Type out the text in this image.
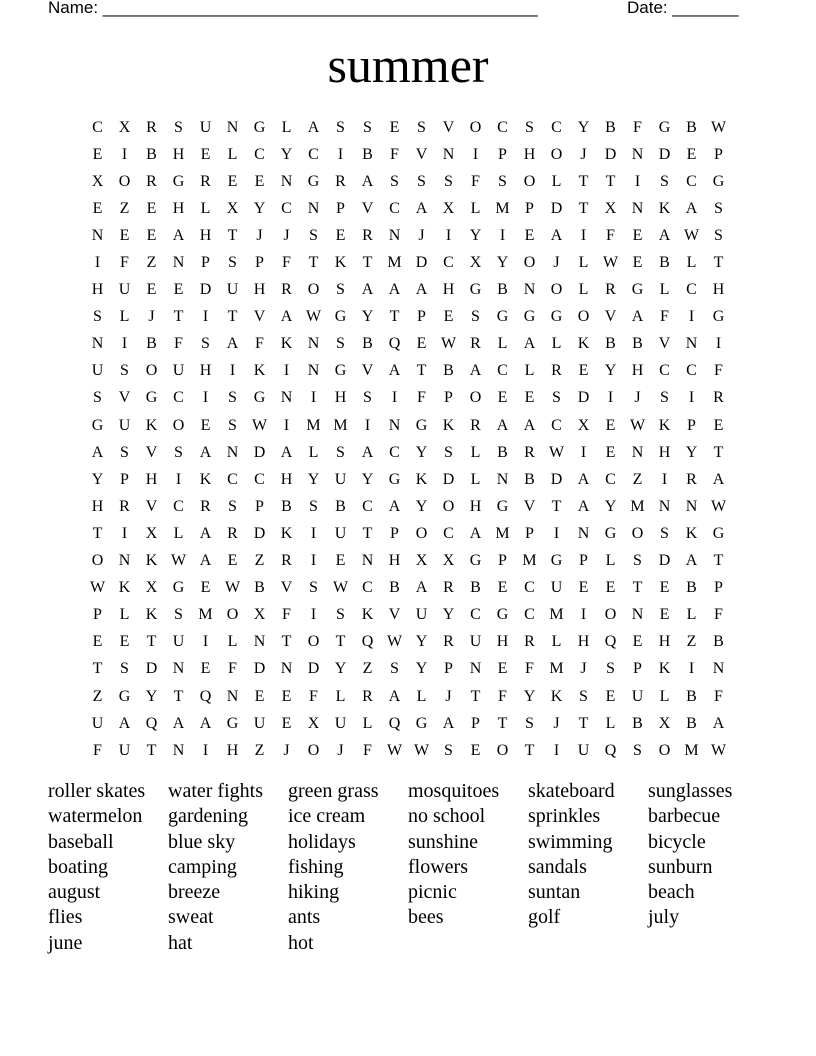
Name: ______________________________________________

	Date: _______

summer
C X R	S	U N G	L	A	S	S	E	S	V O C	S	C Y B	F	G B W
E	I	B H	E	L	C Y C	I	B	F	V N	I	P	H O	J	D N D	E	P
X O R G R	E	E	N G R A	S	S	S	F	S	O	L	T	T	I	S	C G
E	Z	E	H	L	X Y C N	P	V C A X	L M P	D	T	X N K A	S
N	E	E	A H	T	J	J	S	E	R N	J	I	Y	I	E	A	I	F	E	A W S
I	F	Z	N	P	S	P	F	T	K	T M D C X Y O	J	L W E	B	L	T
H U	E	E	D U H R O	S	A A A H G B N O	L	R G	L	C H
S	L	J	T	I	T	V A W G Y	T	P	E	S	G G G O V A	F	I	G
N	I	B	F	S	A	F	K N	S	B Q	E W R	L	A	L	K B	B V N	I
U	S	O U H	I	K	I	N G V A	T	B A C	L	R	E	Y H C	C	F
S	V G C	I	S	G N	I	H	S	I	F	P	O	E	E	S	D	I	J	S	I	R
G U K O	E	S W	I	M M	I	N G K R A A C X	E W K	P	E
A	S	V	S	A N D A	L	S	A C Y	S	L	B	R W	I	E	N H Y	T
Y	P	H	I	K C	C H Y U Y G K D	L	N B D A C	Z	I	R A
H R V C	R	S	P	B	S	B	C A Y O H G V	T	A Y M N N W
T	I	X	L	A R D K	I	U	T	P	O C A M P	I	N G O	S	K G
O N K W A	E	Z	R	I	E	N H X X G	P M G	P	L	S	D A	T
W K X G	E W B V	S W C	B A R	B	E	C U	E	E	T	E	B	P
P	L	K	S M O X	F	I	S	K V U Y C G C M	I	O N	E	L	F
E	E	T	U	I	L	N	T	O	T	Q W Y R U H R	L	H Q	E	H	Z	B
T	S	D N	E	F	D N D Y	Z	S	Y	P	N	E	F M	J	S	P	K	I	N
Z	G Y	T	Q N	E	E	F	L	R A	L	J	T	F	Y K	S	E	U	L	B	F
U A Q A A G U	E	X U	L	Q G A	P	T	S	J	T	L	B X B A
F	U	T	N	I	H	Z	J	O	J	F W W S	E	O	T	I	U Q	S	O M W
roller skates	water fights	green grass	mosquitoes	skateboard	sunglasses
watermelon	gardening	ice cream	no school	sprinkles	barbecue
baseball	blue sky	holidays	sunshine	swimming	bicycle
boating	camping	fishing	flowers	sandals	sunburn
august	breeze	hiking	picnic	suntan	beach
flies	sweat	ants	bees	golf	july
june	hat	hot
